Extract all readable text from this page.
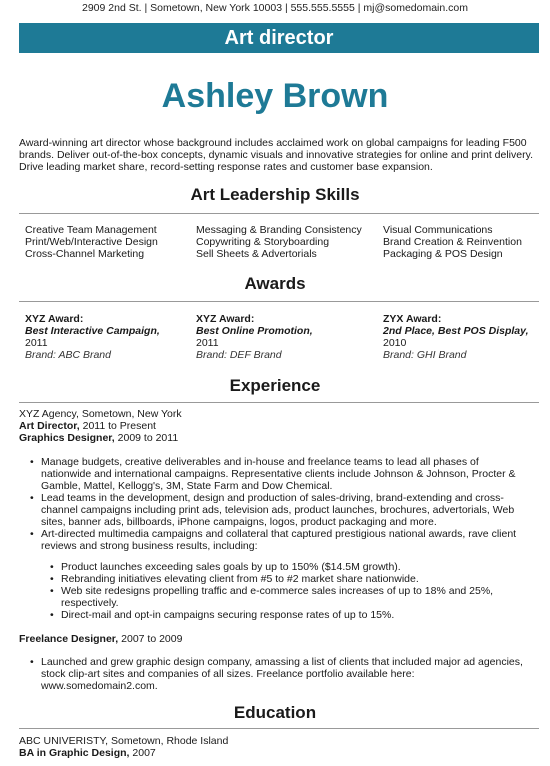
2909 2nd St. | Sometown, New York 10003 | 555.555.5555 | mj@somedomain.com
Art director
Ashley Brown
Award-winning art director whose background includes acclaimed work on global campaigns for leading F500 brands. Deliver out-of-the-box concepts, dynamic visuals and innovative strategies for online and print delivery. Drive leading market share, record-setting response rates and customer base expansion.
Art Leadership Skills
Creative Team Management
Print/Web/Interactive Design
Cross-Channel Marketing
Messaging & Branding Consistency
Copywriting & Storyboarding
Sell Sheets & Advertorials
Visual Communications
Brand Creation & Reinvention
Packaging & POS Design
Awards
XYZ Award:
Best Interactive Campaign,
2011
Brand: ABC Brand
XYZ Award:
Best Online Promotion,
2011
Brand: DEF Brand
ZYX Award:
2nd Place, Best POS Display,
2010
Brand: GHI Brand
Experience
XYZ Agency, Sometown, New York
Art Director, 2011 to Present
Graphics Designer, 2009 to 2011
• Manage budgets, creative deliverables and in-house and freelance teams to lead all phases of nationwide and international campaigns. Representative clients include Johnson & Johnson, Procter & Gamble, Mattel, Kellogg's, 3M, State Farm and Dow Chemical.
• Lead teams in the development, design and production of sales-driving, brand-extending and cross-channel campaigns including print ads, television ads, product launches, brochures, advertorials, Web sites, banner ads, billboards, iPhone campaigns, logos, product packaging and more.
• Art-directed multimedia campaigns and collateral that captured prestigious national awards, rave client reviews and strong business results, including:
• Product launches exceeding sales goals by up to 150% ($14.5M growth).
• Rebranding initiatives elevating client from #5 to #2 market share nationwide.
• Web site redesigns propelling traffic and e-commerce sales increases of up to 18% and 25%, respectively.
• Direct-mail and opt-in campaigns securing response rates of up to 15%.
Freelance Designer, 2007 to 2009
• Launched and grew graphic design company, amassing a list of clients that included major ad agencies, stock clip-art sites and companies of all sizes. Freelance portfolio available here: www.somedomain2.com.
Education
ABC UNIVERISTY, Sometown, Rhode Island
BA in Graphic Design, 2007
